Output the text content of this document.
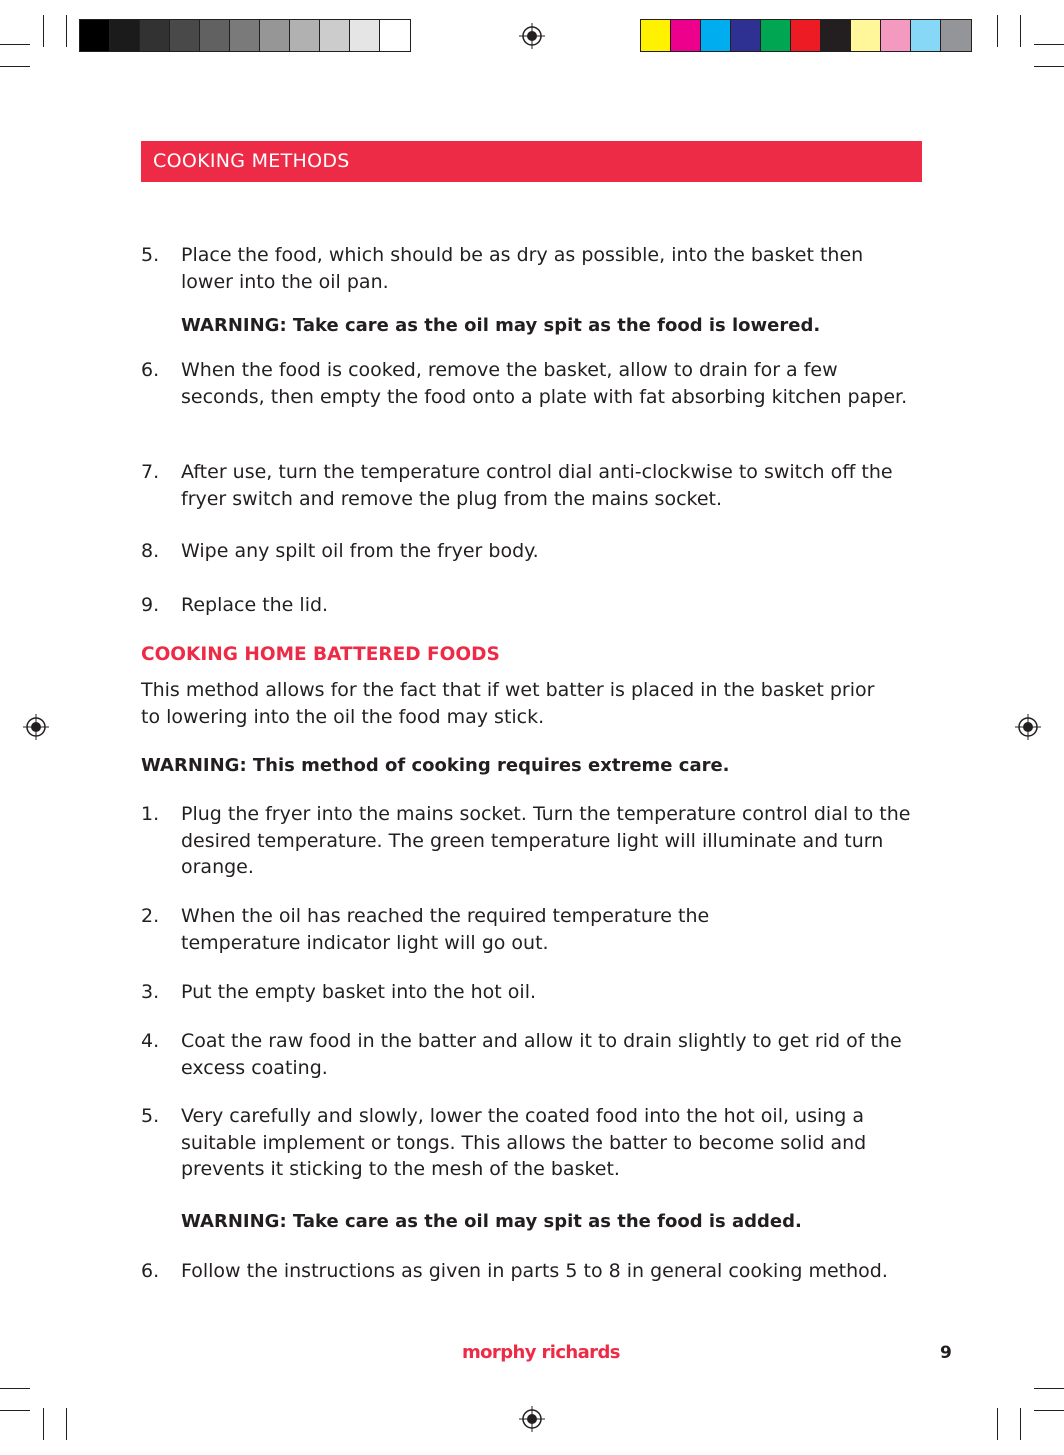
COOKING METHODS
5. Place the food, which should be as dry as possible, into the basket then lower into the oil pan.
WARNING: Take care as the oil may spit as the food is lowered.
6. When the food is cooked, remove the basket, allow to drain for a few seconds, then empty the food onto a plate with fat absorbing kitchen paper.
7. After use, turn the temperature control dial anti-clockwise to switch off the fryer switch and remove the plug from the mains socket.
8. Wipe any spilt oil from the fryer body.
9. Replace the lid.
COOKING HOME BATTERED FOODS
This method allows for the fact that if wet batter is placed in the basket prior to lowering into the oil the food may stick.
WARNING: This method of cooking requires extreme care.
1. Plug the fryer into the mains socket. Turn the temperature control dial to the desired temperature. The green temperature light will illuminate and turn orange.
2. When the oil has reached the required temperature the temperature indicator light will go out.
3. Put the empty basket into the hot oil.
4. Coat the raw food in the batter and allow it to drain slightly to get rid of the excess coating.
5. Very carefully and slowly, lower the coated food into the hot oil, using a suitable implement or tongs. This allows the batter to become solid and prevents it sticking to the mesh of the basket.
WARNING: Take care as the oil may spit as the food is added.
6. Follow the instructions as given in parts 5 to 8 in general cooking method.
morphy richards	9
